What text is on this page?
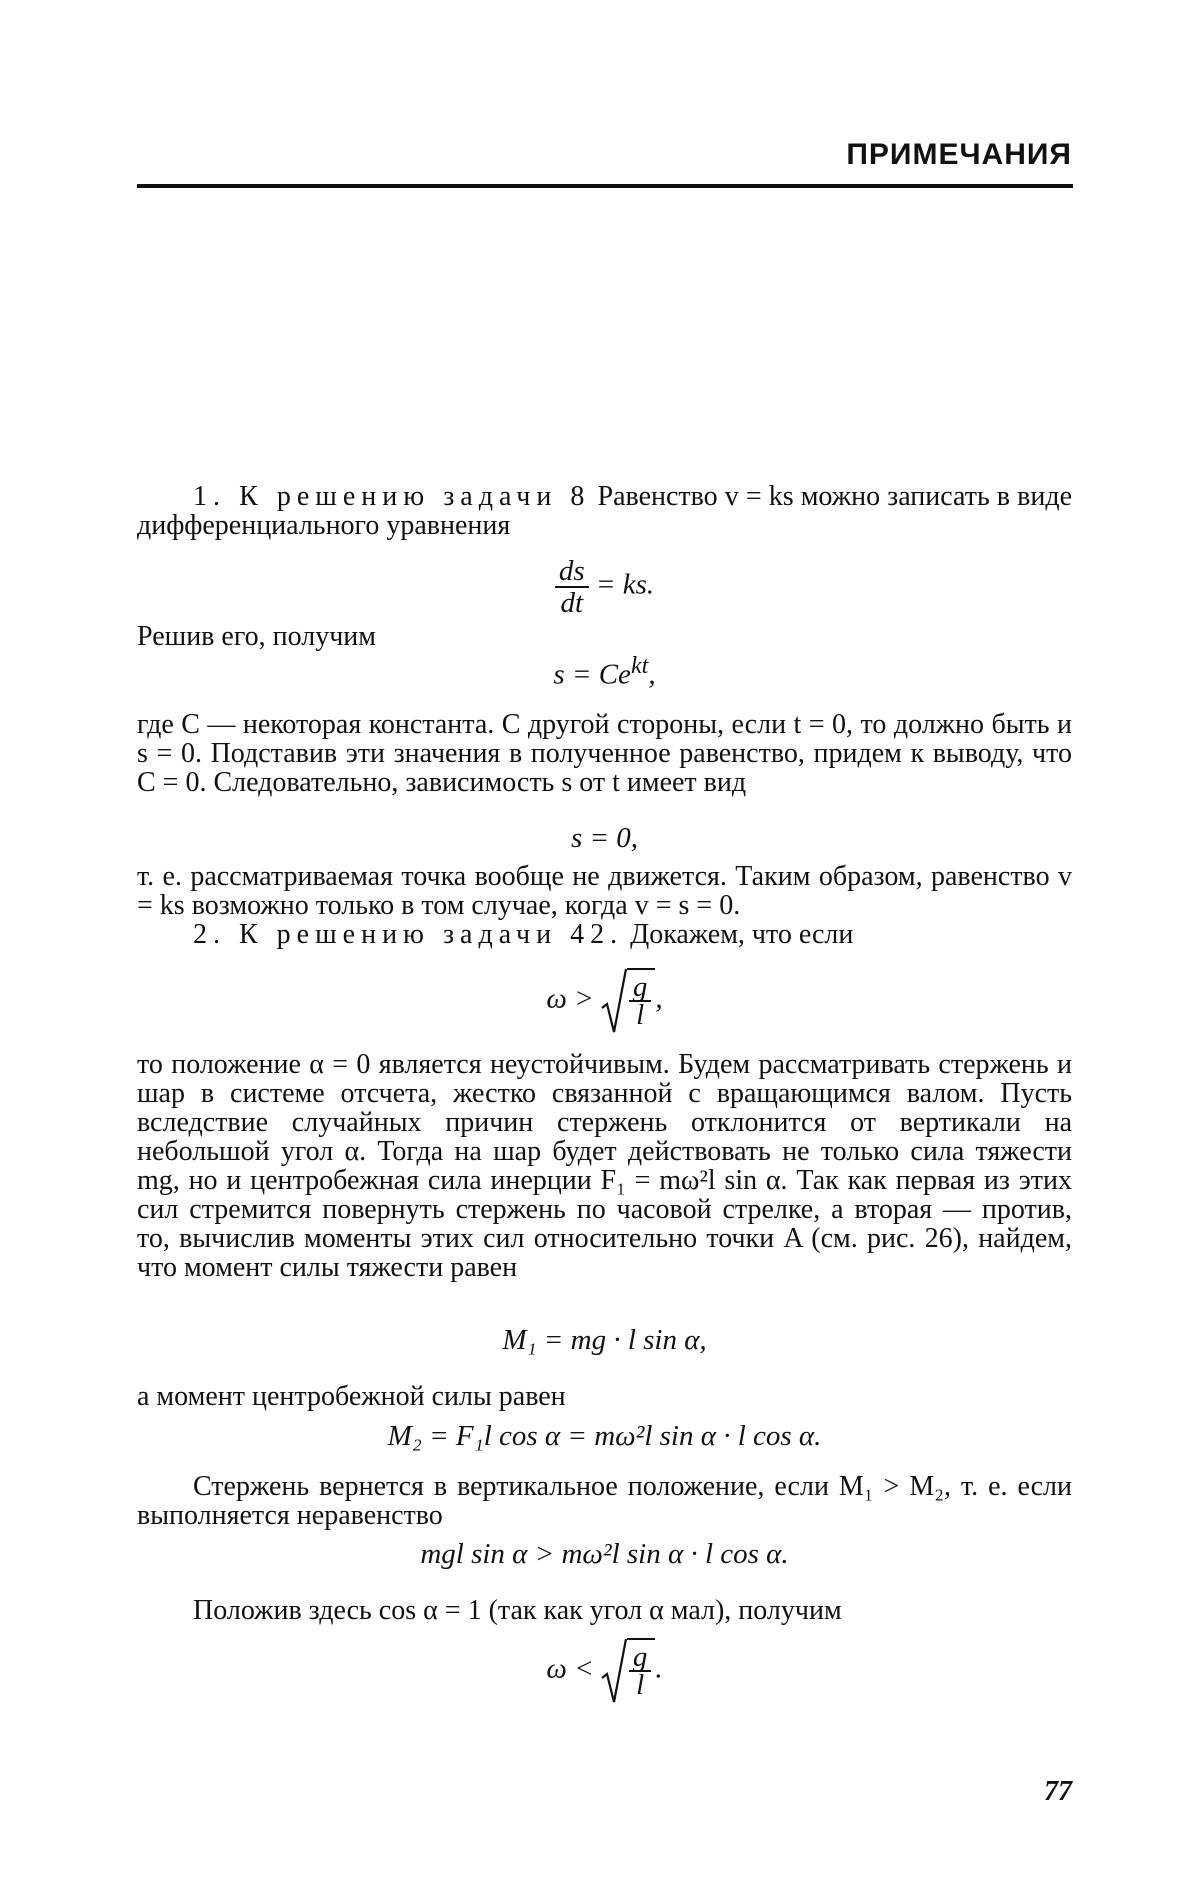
ПРИМЕЧАНИЯ
1. К решению задачи 8 Равенство v = ks можно записать в виде дифференциального уравнения
$\frac{ds}{dt}$ = ks.
Решив его, получим
$s = Ce^{kt}$,
где C — некоторая константа. С другой стороны, если t = 0, то должно быть и s = 0. Подставив эти значения в полученное равенство, придем к выводу, что C = 0. Следовательно, зависимость s от t имеет вид
s = 0,
т. е. рассматриваемая точка вообще не движется. Таким образом, равенство v = ks возможно только в том случае, когда v = s = 0.
2. К решению задачи 42. Докажем, что если
$\omega > \frac{g}{l}$ ,
то положение α = 0 является неустойчивым. Будем рассматривать стержень и шар в системе отсчета, жестко связанной с вращающимся валом. Пусть вследствие случайных причин стержень отклонится от вертикали на небольшой угол α. Тогда на шар будет действовать не только сила тяжести mg, но и центробежная сила инерции F₁ = mω²l sin α. Так как первая из этих сил стремится повернуть стержень по часовой стрелке, а вторая — против, то, вычислив моменты этих сил относительно точки A (см. рис. 26), найдем, что момент силы тяжести равен
M₁ = mg · l sin α,
а момент центробежной силы равен
M₂ = F₁l cos α = mω²l sin α · l cos α.
Стержень вернется в вертикальное положение, если M₁ > M₂, т. е. если выполняется неравенство
mgl sin α > mω²l sin α · l cos α.
Положив здесь cos α = 1 (так как угол α мал), получим
$\omega < \frac{g}{l}$ .
77
